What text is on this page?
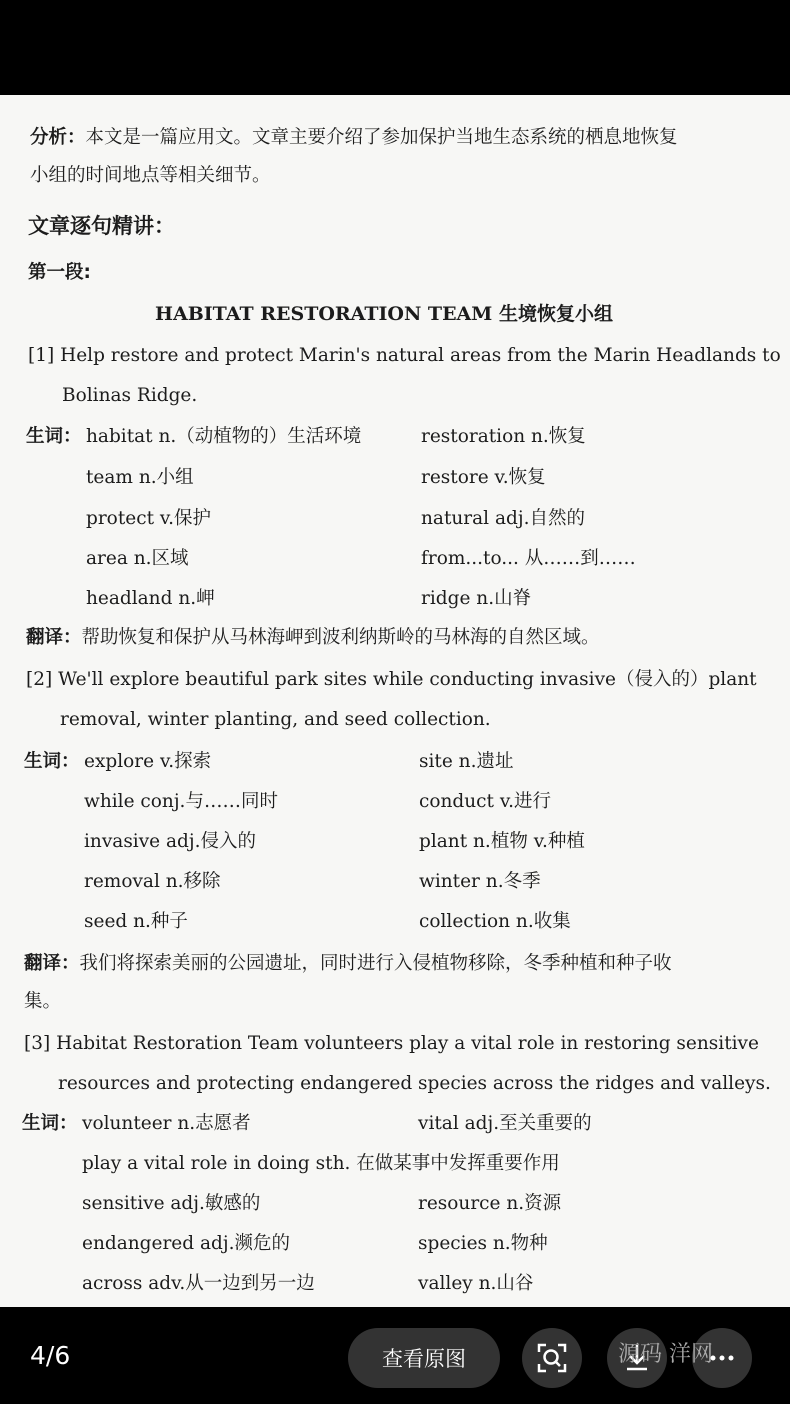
分析：本文是一篇应用文。文章主要介绍了参加保护当地生态系统的栖息地恢复
小组的时间地点等相关细节。
文章逐句精讲：
第一段:
HABITAT RESTORATION TEAM 生境恢复小组
[1] Help restore and protect Marin's natural areas from the Marin Headlands to
Bolinas Ridge.
生词： habitat n.（动植物的）生活环境	restoration n.恢复
team n.小组	restore v.恢复
protect v.保护	natural adj.自然的
area n.区域	from...to... 从……到……
headland n.岬	ridge n.山脊
翻译：帮助恢复和保护从马林海岬到波利纳斯岭的马林海的自然区域。
[2] We'll explore beautiful park sites while conducting invasive（侵入的）plant
removal, winter planting, and seed collection.
生词： explore v.探索	site n.遗址
while conj.与……同时	conduct v.进行
invasive adj.侵入的	plant n.植物 v.种植
removal n.移除	winter n.冬季
seed n.种子	collection n.收集
翻译：我们将探索美丽的公园遗址，同时进行入侵植物移除，冬季种植和种子收
集。
[3] Habitat Restoration Team volunteers play a vital role in restoring sensitive
resources and protecting endangered species across the ridges and valleys.
生词： volunteer n.志愿者	vital adj.至关重要的
play a vital role in doing sth. 在做某事中发挥重要作用
sensitive adj.敏感的	resource n.资源
endangered adj.濒危的	species n.物种
across adv.从一边到另一边	valley n.山谷
4/6	查看原图	源码 洋网
